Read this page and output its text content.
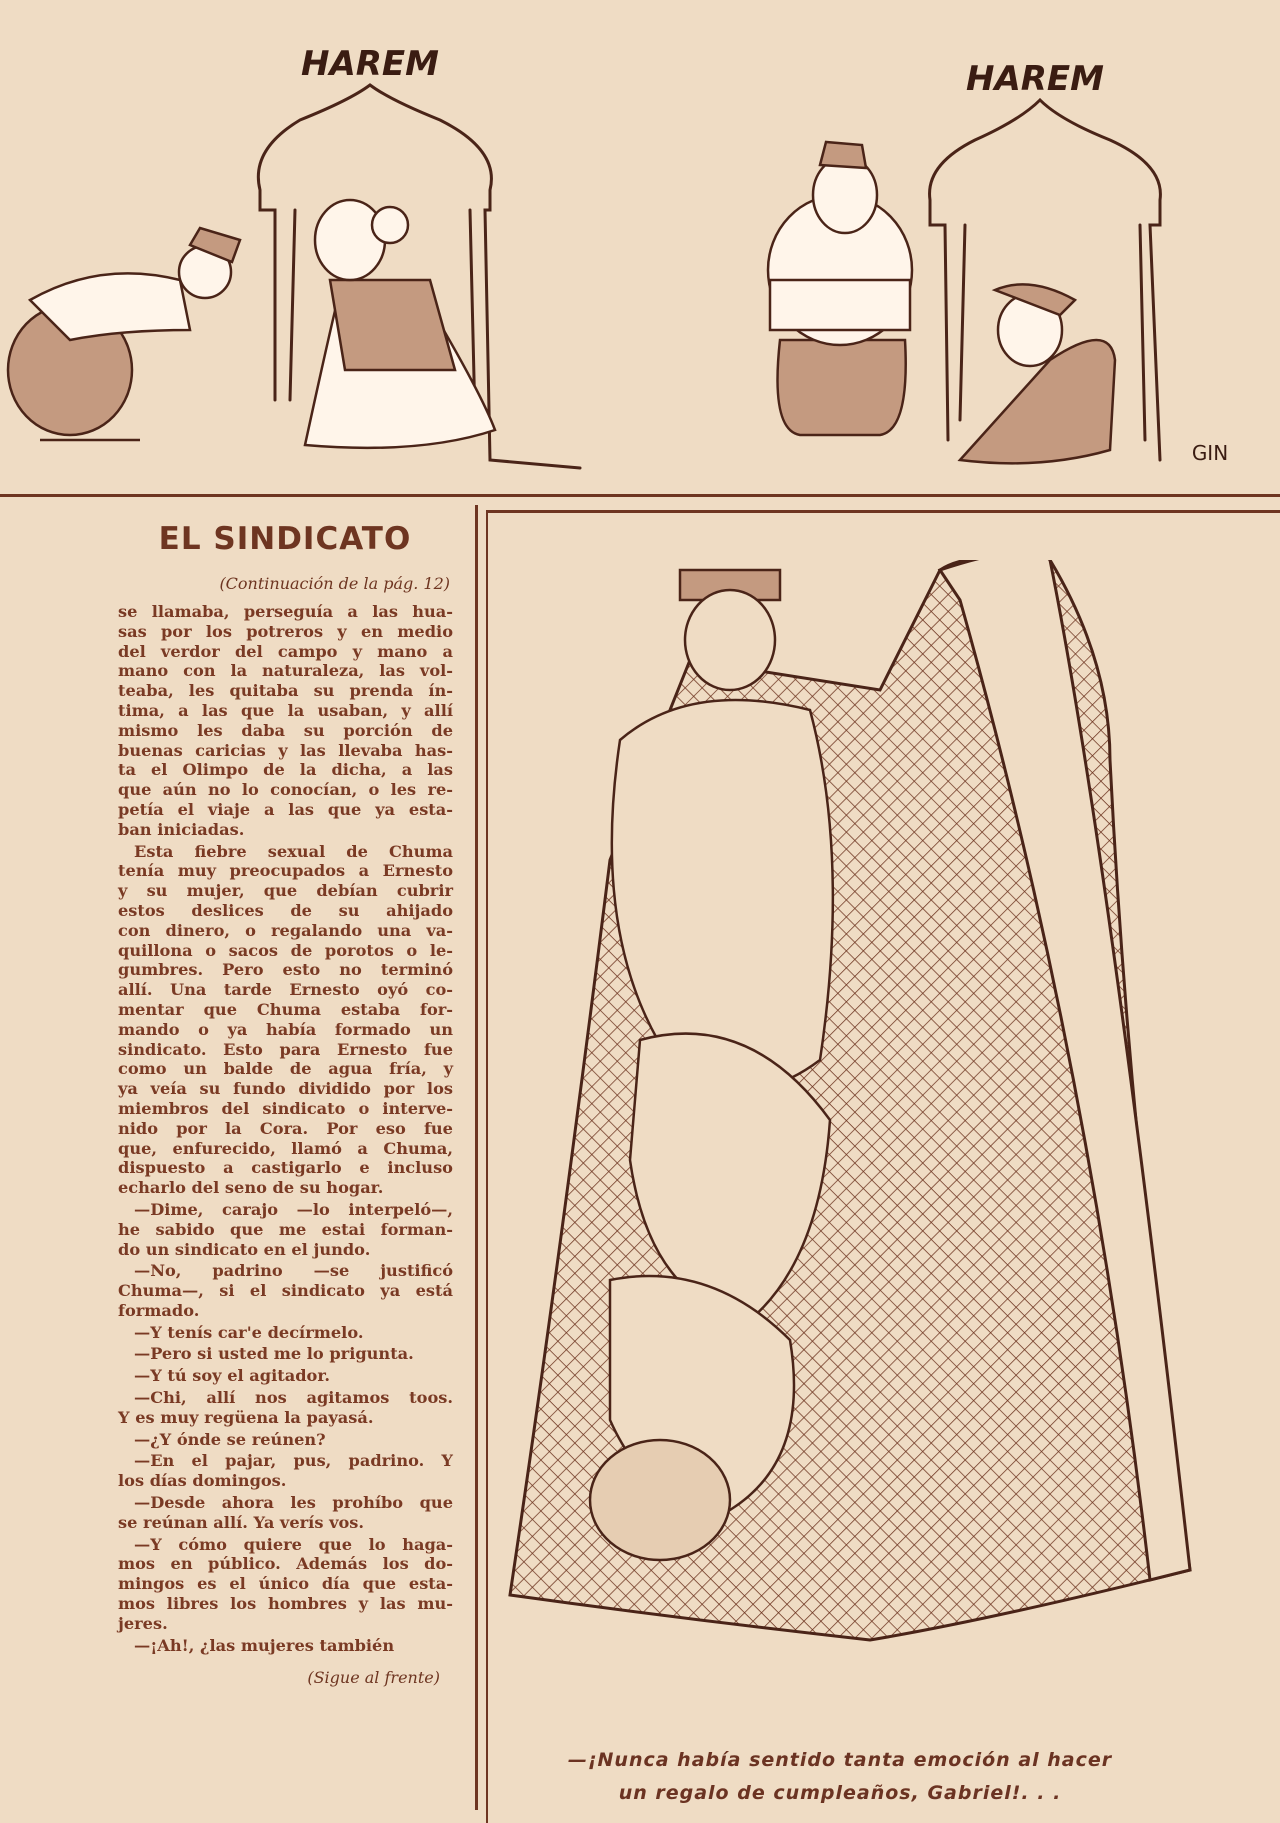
HAREM	HAREM
GIN
EL SINDICATO
(Continuación de la pág. 12)
se llamaba, perseguía a las hua-
sas por los potreros y en medio
del verdor del campo y mano a
mano con la naturaleza, las vol-
teaba, les quitaba su prenda ín-
tima, a las que la usaban, y allí
mismo les daba su porción de
buenas caricias y las llevaba has-
ta el Olimpo de la dicha, a las
que aún no lo conocían, o les re-
petía el viaje a las que ya esta-
ban iniciadas.
Esta fiebre sexual de Chuma
tenía muy preocupados a Ernesto
y su mujer, que debían cubrir
estos deslices de su ahijado
con dinero, o regalando una va-
quillona o sacos de porotos o le-
gumbres. Pero esto no terminó
allí. Una tarde Ernesto oyó co-
mentar que Chuma estaba for-
mando o ya había formado un
sindicato. Esto para Ernesto fue
como un balde de agua fría, y
ya veía su fundo dividido por los
miembros del sindicato o interve-
nido por la Cora. Por eso fue
que, enfurecido, llamó a Chuma,
dispuesto a castigarlo e incluso
echarlo del seno de su hogar.
—Dime, carajo —lo interpeló—,
he sabido que me estai forman-
do un sindicato en el jundo.
—No, padrino —se justificó
Chuma—, si el sindicato ya está
formado.
—Y tenís car'e decírmelo.
—Pero si usted me lo prigunta.
—Y tú soy el agitador.
—Chi, allí nos agitamos toos.
Y es muy regüena la payasá.
—¿Y ónde se reúnen?
—En el pajar, pus, padrino. Y
los días domingos.
—Desde ahora les prohíbo que
se reúnan allí. Ya verís vos.
—Y cómo quiere que lo haga-
mos en público. Además los do-
mingos es el único día que esta-
mos libres los hombres y las mu-
jeres.
—¡Ah!, ¿las mujeres también
(Sigue al frente)
—¡Nunca había sentido tanta emoción al hacer
un regalo de cumpleaños, Gabriel!. . .
